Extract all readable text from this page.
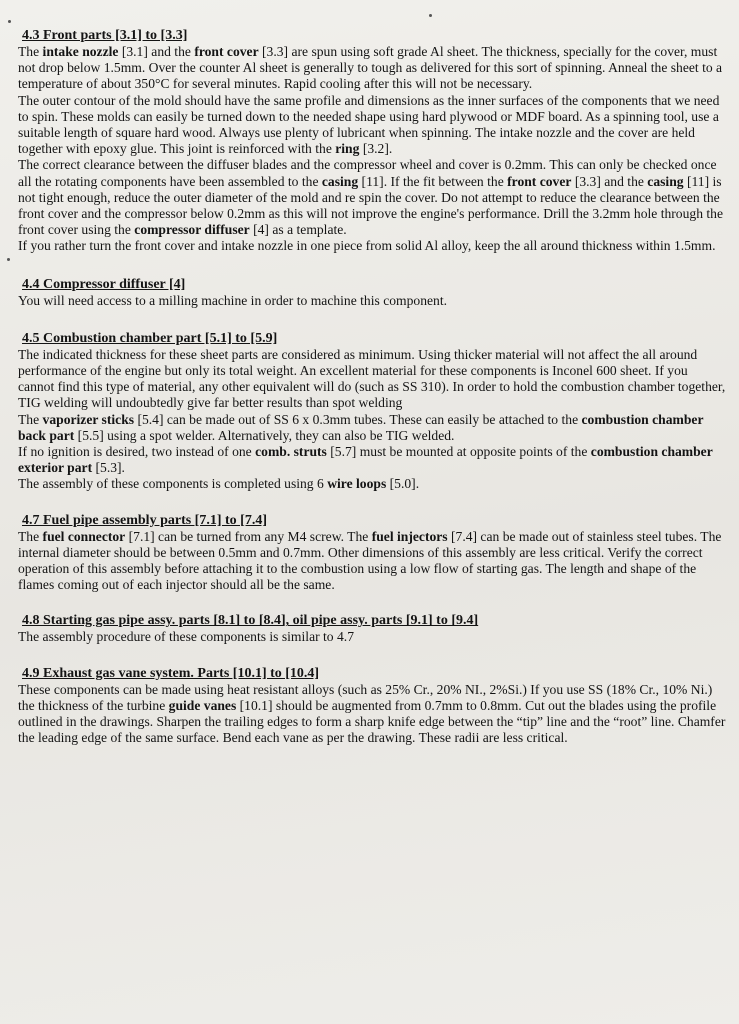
4.3 Front parts [3.1] to [3.3]

The intake nozzle [3.1] and the front cover [3.3] are spun using soft grade Al sheet. The thickness, specially for the cover, must not drop below 1.5mm. Over the counter Al sheet is generally to tough as delivered for this sort of spinning. Anneal the sheet to a temperature of about 350°C for several minutes. Rapid cooling after this will not be necessary.

The outer contour of the mold should have the same profile and dimensions as the inner surfaces of the components that we need to spin. These molds can easily be turned down to the needed shape using hard plywood or MDF board. As a spinning tool, use a suitable length of square hard wood. Always use plenty of lubricant when spinning. The intake nozzle and the cover are held together with epoxy glue. This joint is reinforced with the ring [3.2].

The correct clearance between the diffuser blades and the compressor wheel and cover is 0.2mm. This can only be checked once all the rotating components have been assembled to the casing [11]. If the fit between the front cover [3.3] and the casing [11] is not tight enough, reduce the outer diameter of the mold and re spin the cover. Do not attempt to reduce the clearance between the front cover and the compressor below 0.2mm as this will not improve the engine's performance. Drill the 3.2mm hole through the front cover using the compressor diffuser [4] as a template.

If you rather turn the front cover and intake nozzle in one piece from solid Al alloy, keep the all around thickness within 1.5mm.

4.4 Compressor diffuser [4]

You will need access to a milling machine in order to machine this component.

4.5 Combustion chamber part [5.1] to [5.9]

The indicated thickness for these sheet parts are considered as minimum. Using thicker material will not affect the all around performance of the engine but only its total weight. An excellent material for these components is Inconel 600 sheet. If you cannot find this type of material, any other equivalent will do (such as SS 310). In order to hold the combustion chamber together, TIG welding will undoubtedly give far better results than spot welding

The vaporizer sticks [5.4] can be made out of SS 6 x 0.3mm tubes. These can easily be attached to the combustion chamber back part [5.5] using a spot welder. Alternatively, they can also be TIG welded.

If no ignition is desired, two instead of one comb. struts [5.7] must be mounted at opposite points of the combustion chamber exterior part [5.3].

The assembly of these components is completed using 6 wire loops [5.0].

4.7 Fuel pipe assembly parts [7.1] to [7.4]

The fuel connector [7.1] can be turned from any M4 screw. The fuel injectors [7.4] can be made out of stainless steel tubes. The internal diameter should be between 0.5mm and 0.7mm. Other dimensions of this assembly are less critical. Verify the correct operation of this assembly before attaching it to the combustion using a low flow of starting gas. The length and shape of the flames coming out of each injector should all be the same.

4.8 Starting gas pipe assy. parts [8.1] to [8.4], oil pipe assy. parts [9.1] to [9.4]

The assembly procedure of these components is similar to 4.7

4.9 Exhaust gas vane system. Parts [10.1] to [10.4]

These components can be made using heat resistant alloys (such as 25% Cr., 20% NI., 2%Si.) If you use SS (18% Cr., 10% Ni.) the thickness of the turbine guide vanes [10.1] should be augmented from 0.7mm to 0.8mm. Cut out the blades using the profile outlined in the drawings. Sharpen the trailing edges to form a sharp knife edge between the “tip” line and the “root” line. Chamfer the leading edge of the same surface. Bend each vane as per the drawing. These radii are less critical.
